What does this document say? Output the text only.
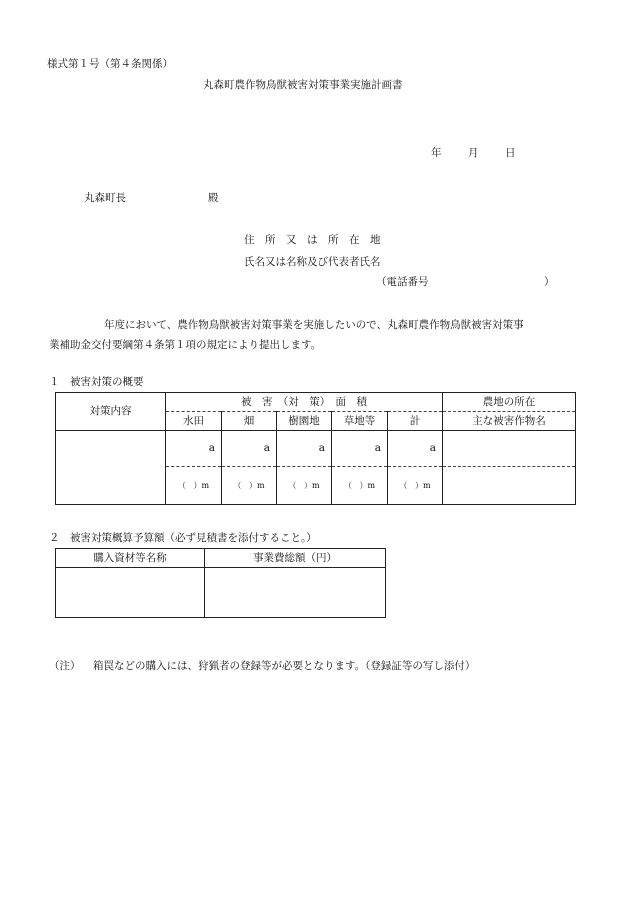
様式第１号（第４条関係）
丸森町農作物鳥獣被害対策事業実施計画書
年	月	日
丸森町長	殿
住　所　又　は　所　在　地
氏名又は名称及び代表者氏名
（電話番号	）
年度において、農作物鳥獣被害対策事業を実施したいので、丸森町農作物鳥獣被害対策事
業補助金交付要綱第４条第１項の規定により提出します。
１　被害対策の概要
対策内容	被　害　（対　策）　面　積					農地の所在
	水田	畑	樹園地	草地等	計	主な被害作物名
	a	a	a	a	a	
	（ ）m	（ ）m	（ ）m	（ ）m	（ ）m	
２　被害対策概算予算額（必ず見積書を添付すること。）
購入資材等名称	事業費総額（円）

（注） 箱罠などの購入には、狩猟者の登録等が必要となります。（登録証等の写し添付）
